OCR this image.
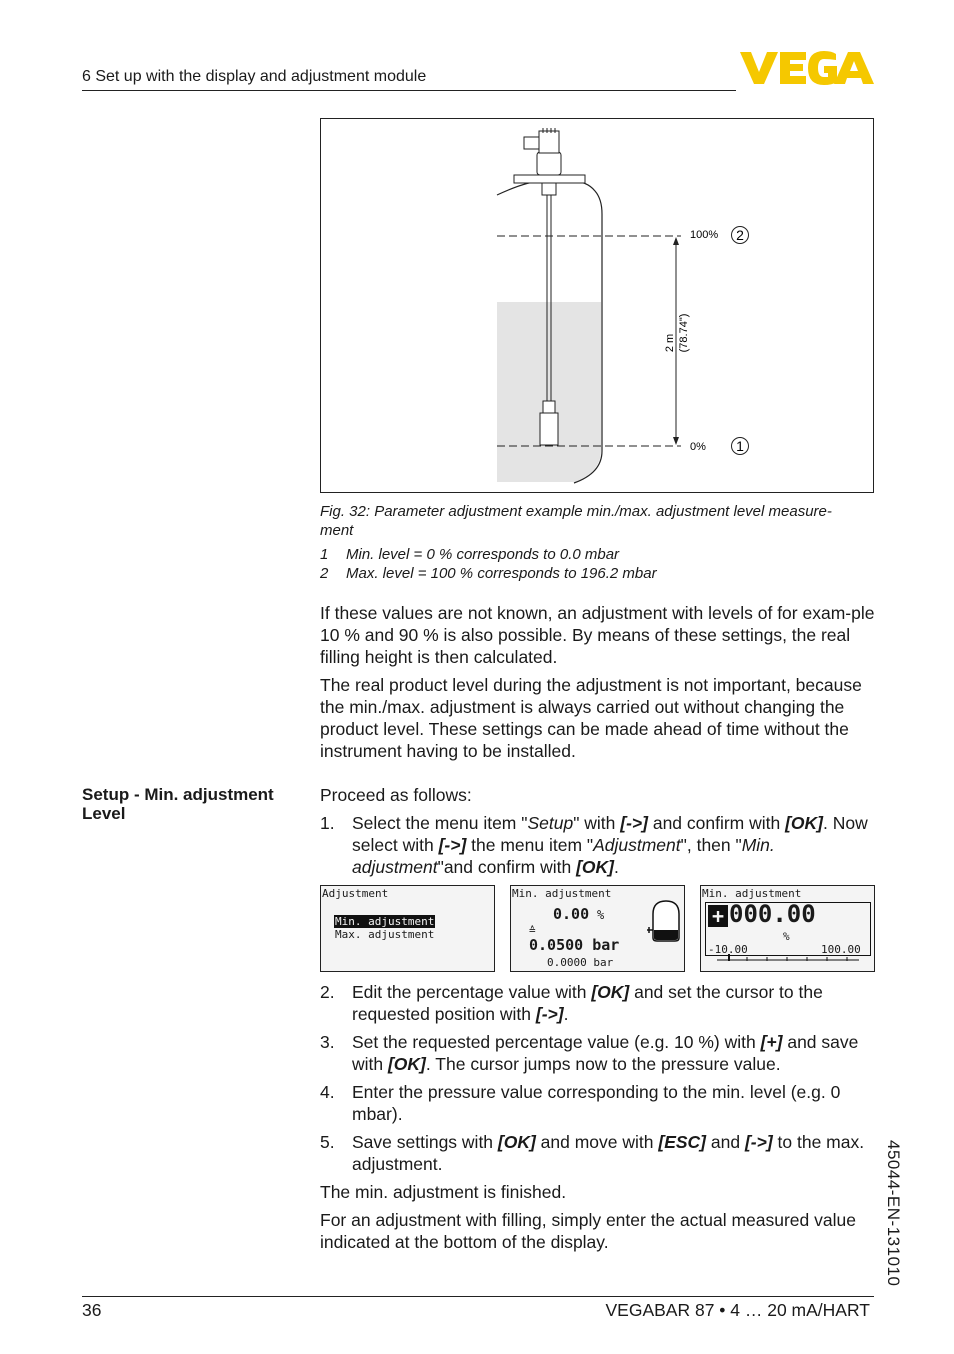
6 Set up with the display and adjustment module
2
1
100%
0%
2 m (78.74")
Fig. 32: Parameter adjustment example min./max. adjustment level measure-ment
1 Min. level = 0 % corresponds to 0.0 mbar
2 Max. level = 100 % corresponds to 196.2 mbar

If these values are not known, an adjustment with levels of for exam-ple 10 % and 90 % is also possible. By means of these settings, the real filling height is then calculated.

The real product level during the adjustment is not important, because the min./max. adjustment is always carried out without changing the product level. These settings can be made ahead of time without the instrument having to be installed.

Setup - Min. adjustment Level
Proceed as follows:
1. Select the menu item "Setup" with [->] and confirm with [OK]. Now select with [->] the menu item "Adjustment", then "Min. adjustment"and confirm with [OK].
Adjustment
Min. adjustment
Max. adjustment
Min. adjustment
0.00 %
≙
0.0500 bar
0.0000 bar
Min. adjustment
+ 000.00
%
-10.00	100.00
2. Edit the percentage value with [OK] and set the cursor to the requested position with [->].
3. Set the requested percentage value (e.g. 10 %) with [+] and save with [OK]. The cursor jumps now to the pressure value.
4. Enter the pressure value corresponding to the min. level (e.g. 0 mbar).
5. Save settings with [OK] and move with [ESC] and [->] to the max. adjustment.
The min. adjustment is finished.
For an adjustment with filling, simply enter the actual measured value indicated at the bottom of the display.	45044-EN-131010
36	VEGABAR 87 • 4 … 20 mA/HART
